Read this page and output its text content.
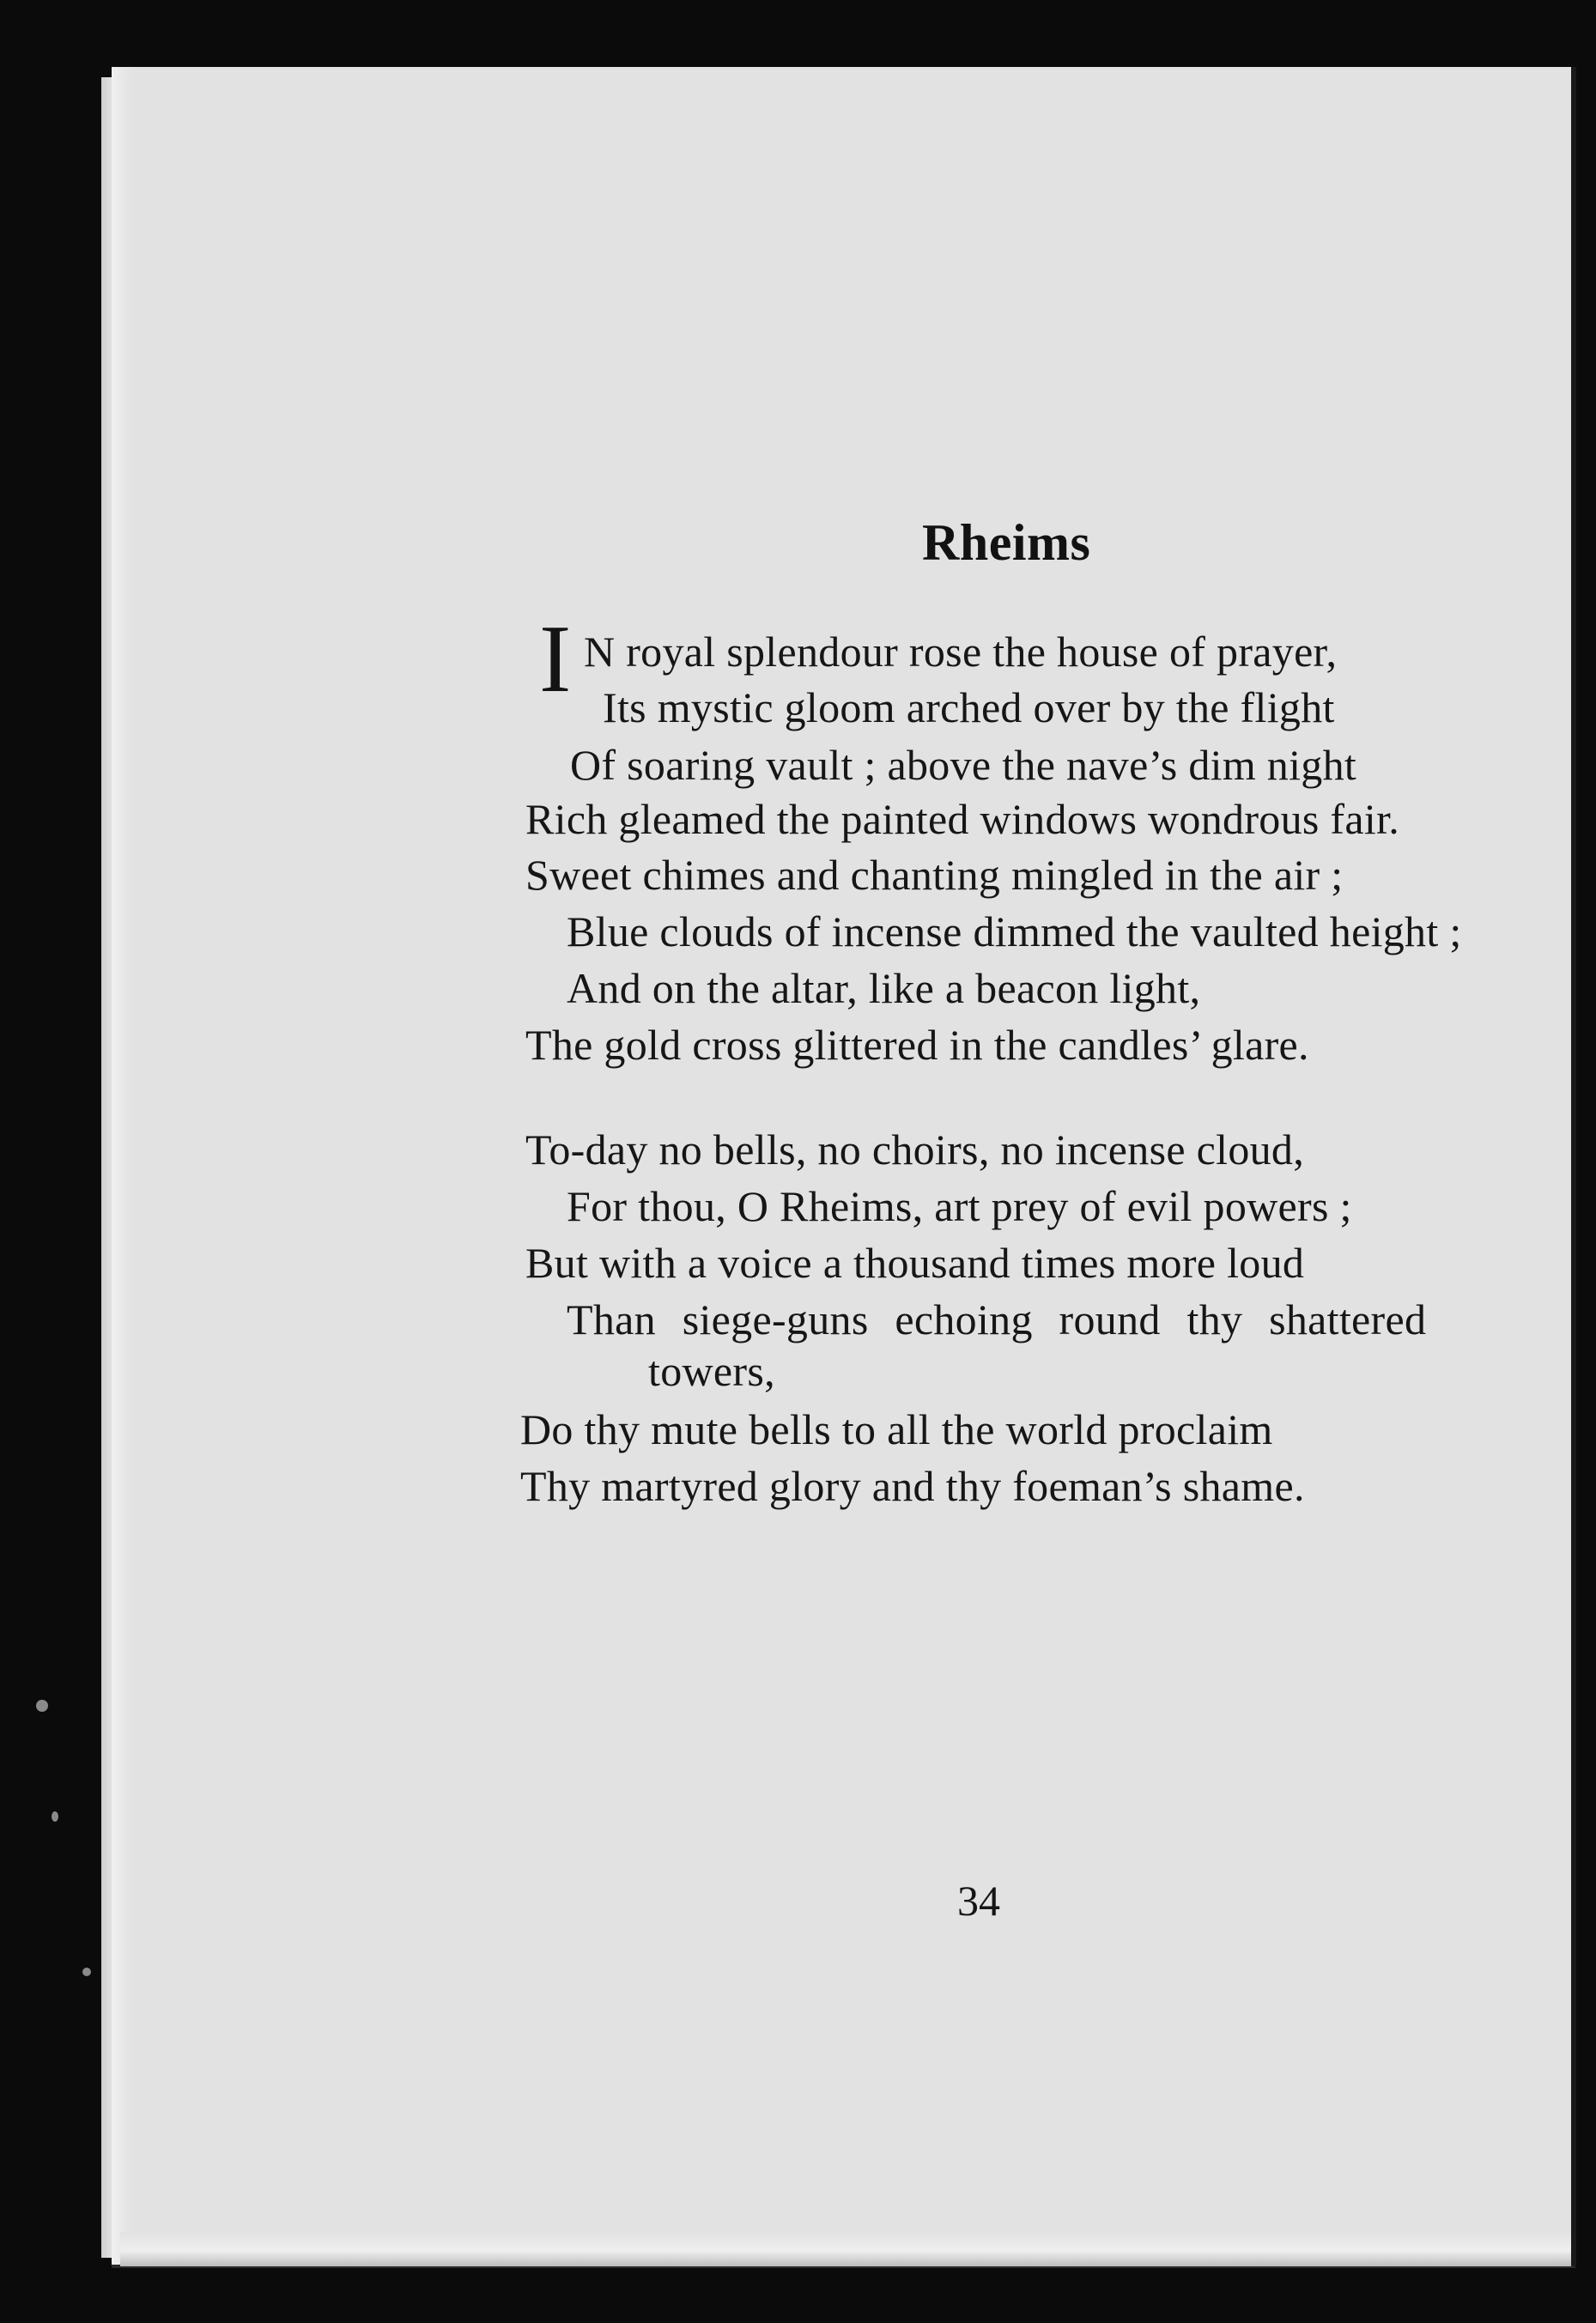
Rheims
I N royal splendour rose the house of prayer,
Its mystic gloom arched over by the flight
Of soaring vault ; above the nave’s dim night
Rich gleamed the painted windows wondrous fair.
Sweet chimes and chanting mingled in the air ;
Blue clouds of incense dimmed the vaulted height ;
And on the altar, like a beacon light,
The gold cross glittered in the candles’ glare.
To-day no bells, no choirs, no incense cloud,
For thou, O Rheims, art prey of evil powers ;
But with a voice a thousand times more loud
Than siege-guns echoing round thy shattered
towers,
Do thy mute bells to all the world proclaim
Thy martyred glory and thy foeman’s shame.
34
